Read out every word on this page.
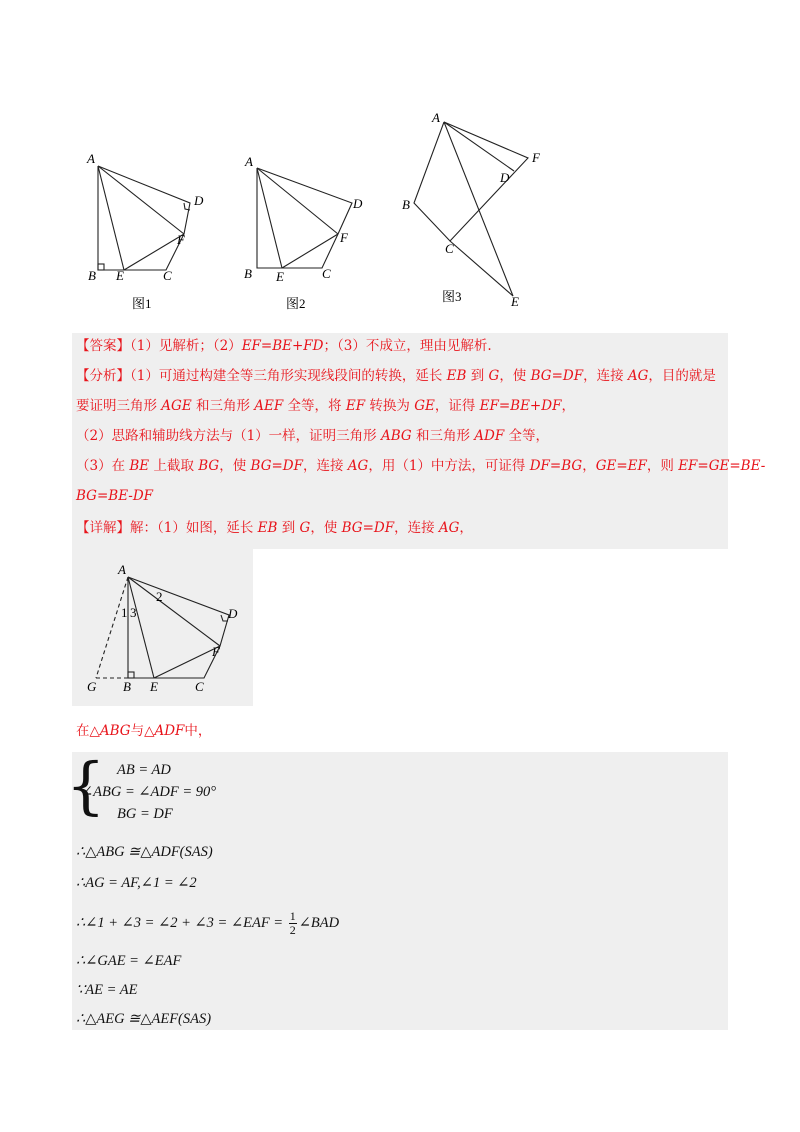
A
B E	C
F
D
图1
A
B E	C
F
D
图2
A
B
C
D
F
E
图3
【答案】（1）见解析；（2）EF=BE+FD；（3）不成立，理由见解析.
【分析】（1）可通过构建全等三角形实现线段间的转换，延长 EB 到 G，使 BG=DF，连接 AG，目的就是
要证明三角形 AGE 和三角形 AEF 全等，将 EF 转换为 GE，证得 EF=BE+DF，
（2）思路和辅助线方法与（1）一样，证明三角形 ABG 和三角形 ADF 全等，
（3）在 BE 上截取 BG，使 BG=DF，连接 AG，用（1）中方法，可证得 DF=BG，GE=EF，则 EF=GE=BE-
BG=BE-DF
【详解】解：（1）如图，延长 EB 到 G，使 BG=DF，连接 AG，
A
G B E	C
F
D
1 3
2
在△ABG与△ADF中，
{ AB = AD
∠ABG = ∠ADF = 90°
BG = DF
∴△ABG ≅△ADF(SAS)
∴AG = AF,∠1 = ∠2
∴∠1 + ∠3 = ∠2 + ∠3 = ∠EAF = $\frac{1}{2}$ ∠BAD
∴∠GAE = ∠EAF
∵AE = AE
∴△AEG ≅△AEF(SAS)
